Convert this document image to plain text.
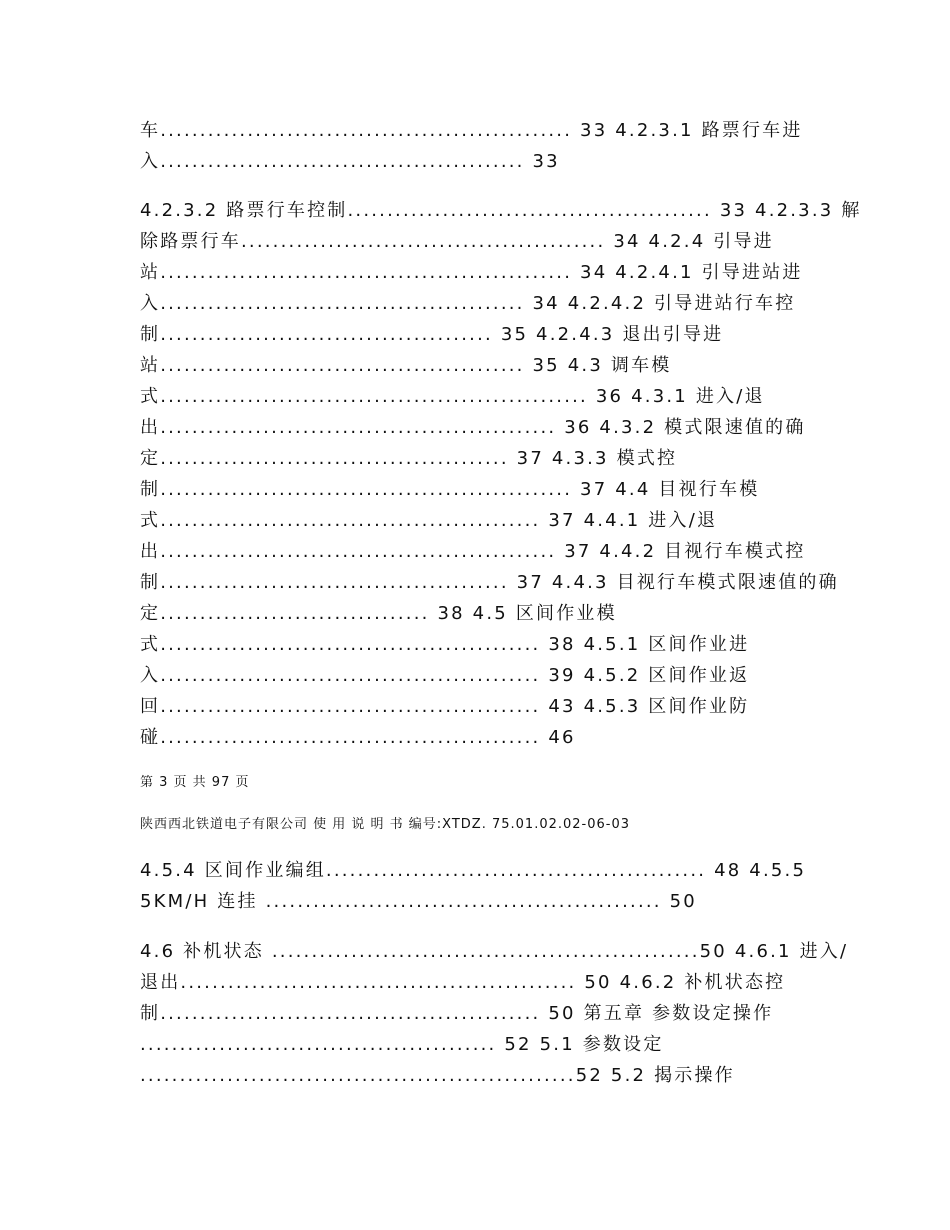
车.................................................... 33 4.2.3.1 路票行车进
入.............................................. 33
4.2.3.2 路票行车控制.............................................. 33 4.2.3.3 解
除路票行车.............................................. 34 4.2.4 引导进
站.................................................... 34 4.2.4.1 引导进站进
入.............................................. 34 4.2.4.2 引导进站行车控
制.......................................... 35 4.2.4.3 退出引导进
站.............................................. 35 4.3 调车模
式...................................................... 36 4.3.1 进入/退
出.................................................. 36 4.3.2 模式限速值的确
定............................................ 37 4.3.3 模式控
制.................................................... 37 4.4 目视行车模
式................................................ 37 4.4.1 进入/退
出.................................................. 37 4.4.2 目视行车模式控
制............................................ 37 4.4.3 目视行车模式限速值的确
定.................................. 38 4.5 区间作业模
式................................................ 38 4.5.1 区间作业进
入................................................ 39 4.5.2 区间作业返
回................................................ 43 4.5.3 区间作业防
碰................................................ 46
第 3 页 共 97 页
陕西西北铁道电子有限公司 使 用 说 明 书 编号:XTDZ. 75.01.02.02-06-03
4.5.4 区间作业编组................................................ 48 4.5.5
5KM/H 连挂 .................................................. 50
4.6 补机状态 ......................................................50 4.6.1 进入/
退出.................................................. 50 4.6.2 补机状态控
制................................................ 50 第五章 参数设定操作
............................................. 52 5.1 参数设定
.......................................................52 5.2 揭示操作
